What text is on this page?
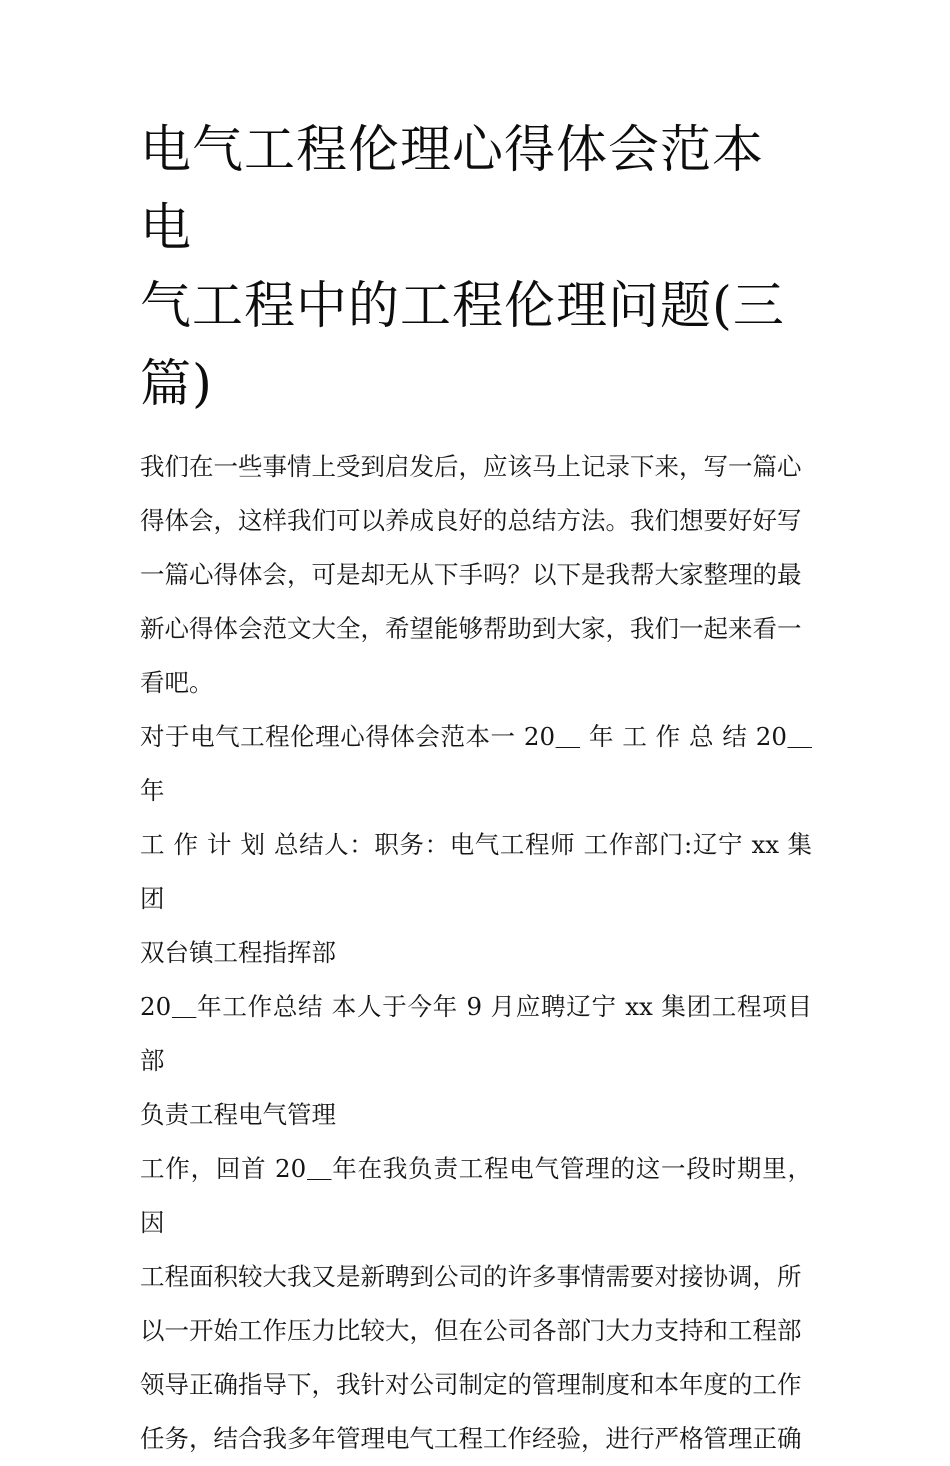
电气工程伦理心得体会范本 电
气工程中的工程伦理问题(三
篇)
我们在一些事情上受到启发后，应该马上记录下来，写一篇心
得体会，这样我们可以养成良好的总结方法。我们想要好好写
一篇心得体会，可是却无从下手吗？以下是我帮大家整理的最
新心得体会范文大全，希望能够帮助到大家，我们一起来看一
看吧。
对于电气工程伦理心得体会范本一 20＿ 年 工 作 总 结 20＿ 年
工 作 计 划 总结人：职务：电气工程师 工作部门:辽宁 xx 集团
双台镇工程指挥部
20＿年工作总结 本人于今年 9 月应聘辽宁 xx 集团工程项目部
负责工程电气管理
工作，回首 20＿年在我负责工程电气管理的这一段时期里，因
工程面积较大我又是新聘到公司的许多事情需要对接协调，所
以一开始工作压力比较大，但在公司各部门大力支持和工程部
领导正确指导下，我针对公司制定的管理制度和本年度的工作
任务，结合我多年管理电气工程工作经验，进行严格管理正确
